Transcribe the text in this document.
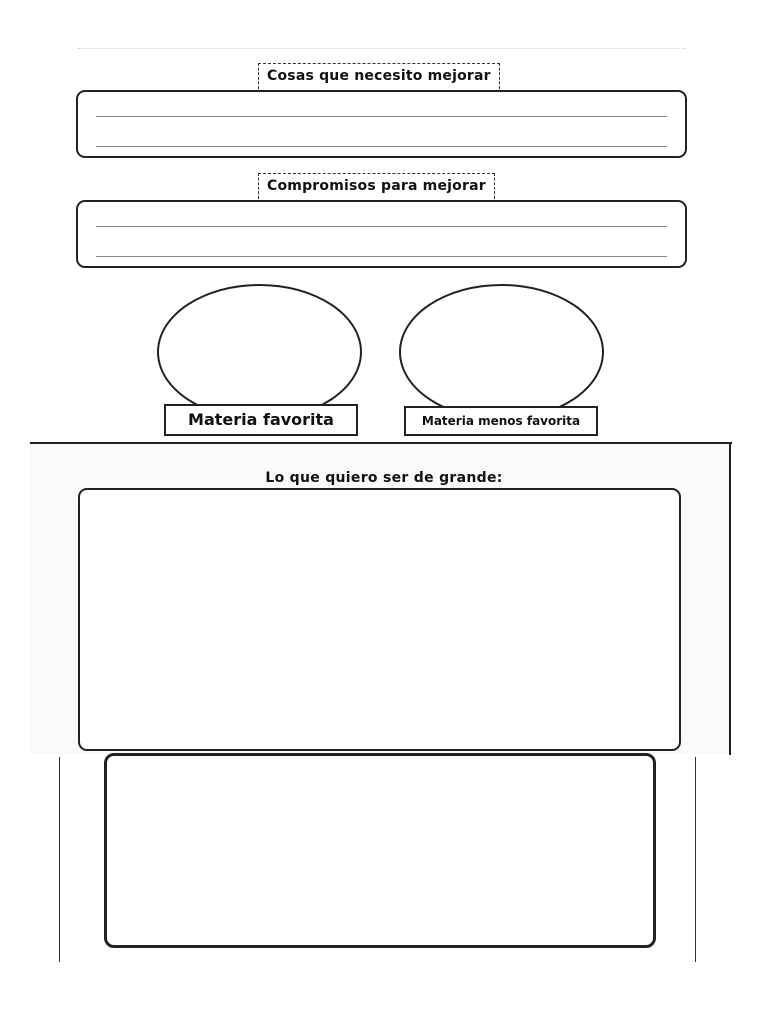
Cosas que necesito mejorar
Compromisos para mejorar
Materia favorita	Materia menos favorita
Lo que quiero ser de grande:
